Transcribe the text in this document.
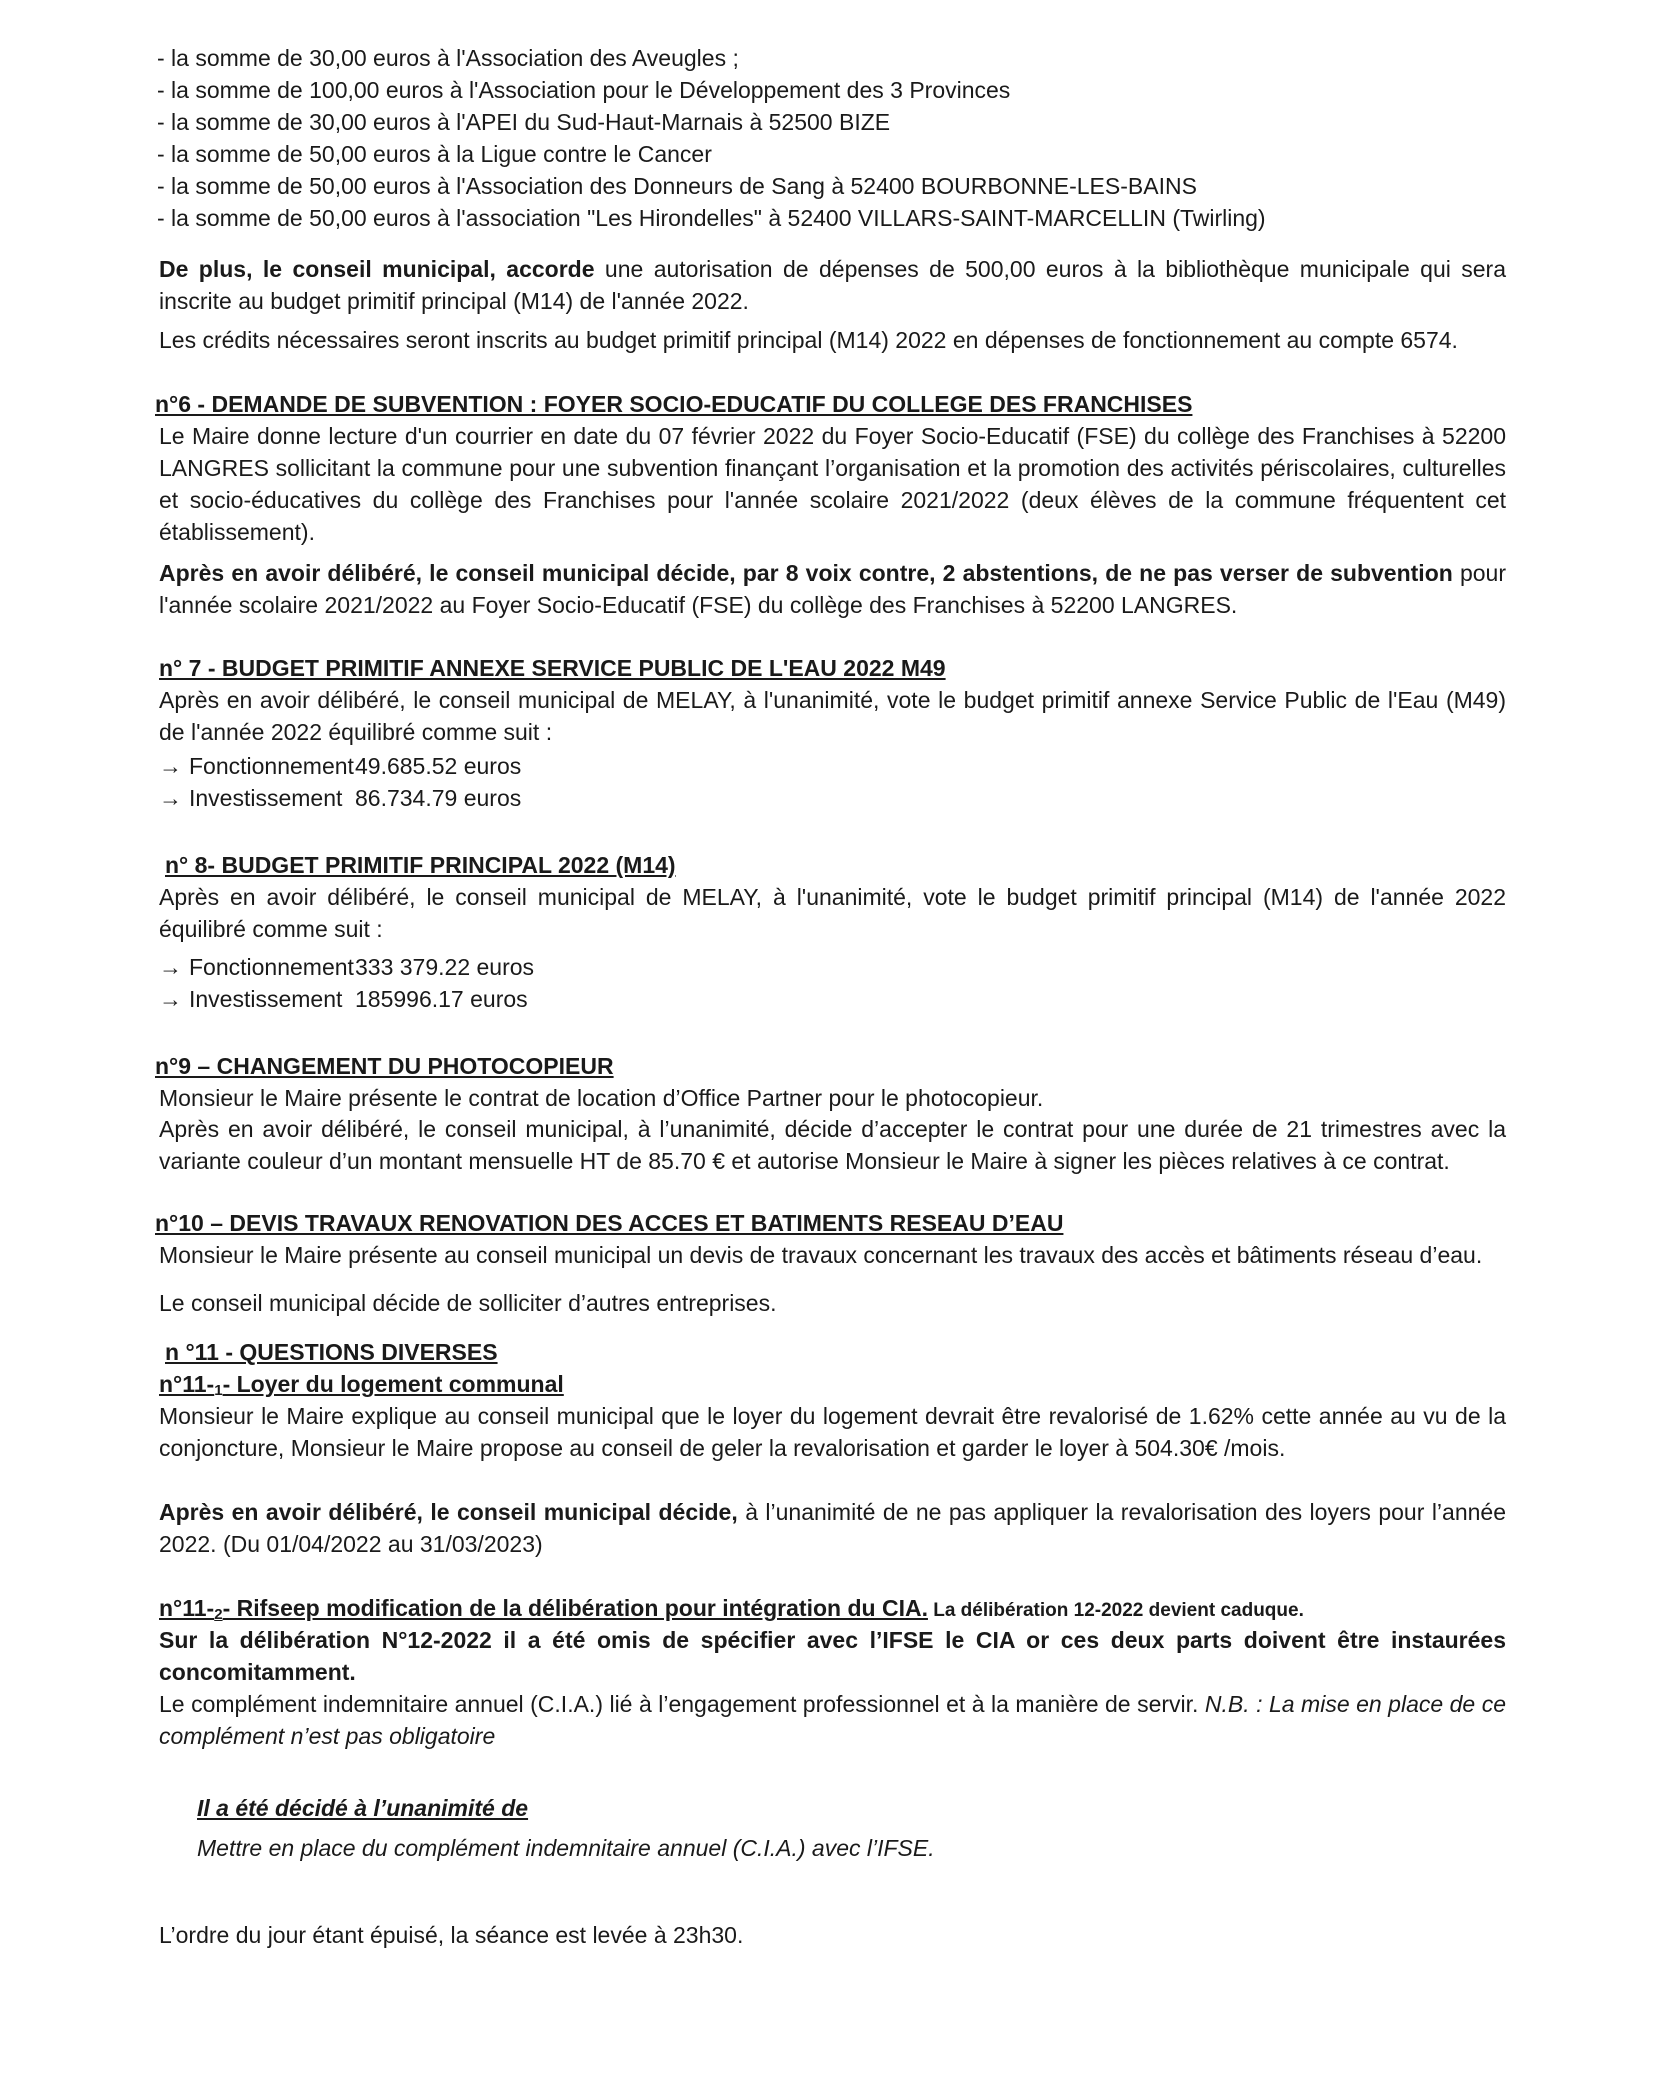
- la somme de 30,00 euros à l'Association des Aveugles ;
- la somme de 100,00 euros à l'Association pour le Développement des 3 Provinces
- la somme de 30,00 euros à l'APEI du Sud-Haut-Marnais à 52500 BIZE
- la somme de 50,00 euros à la Ligue contre le Cancer
- la somme de 50,00 euros à l'Association des Donneurs de Sang à 52400 BOURBONNE-LES-BAINS
- la somme de 50,00 euros à l'association "Les Hirondelles" à 52400 VILLARS-SAINT-MARCELLIN (Twirling)

De plus, le conseil municipal, accorde une autorisation de dépenses de 500,00 euros à la bibliothèque municipale qui sera inscrite au budget primitif principal (M14) de l'année 2022.

Les crédits nécessaires seront inscrits au budget primitif principal (M14) 2022 en dépenses de fonctionnement au compte 6574.

n°6 - DEMANDE DE SUBVENTION : FOYER SOCIO-EDUCATIF DU COLLEGE DES FRANCHISES

Le Maire donne lecture d'un courrier en date du 07 février 2022 du Foyer Socio-Educatif (FSE) du collège des Franchises à 52200 LANGRES sollicitant la commune pour une subvention finançant l’organisation et la promotion des activités périscolaires, culturelles et socio-éducatives du collège des Franchises pour l'année scolaire 2021/2022 (deux élèves de la commune fréquentent cet établissement).

Après en avoir délibéré, le conseil municipal décide, par 8 voix contre, 2 abstentions, de ne pas verser de subvention pour l'année scolaire 2021/2022 au Foyer Socio-Educatif (FSE) du collège des Franchises à 52200 LANGRES.

n° 7 - BUDGET PRIMITIF ANNEXE SERVICE PUBLIC DE L'EAU 2022 M49

Après en avoir délibéré, le conseil municipal de MELAY, à l'unanimité, vote le budget primitif annexe Service Public de l'Eau (M49) de l'année 2022 équilibré comme suit :

→ Fonctionnement49.685.52 euros

→ Investissement 86.734.79 euros

n° 8- BUDGET PRIMITIF PRINCIPAL 2022 (M14)

Après en avoir délibéré, le conseil municipal de MELAY, à l'unanimité, vote le budget primitif principal (M14) de l'année 2022 équilibré comme suit :

→ Fonctionnement333 379.22 euros

→ Investissement 185996.17 euros

n°9 – CHANGEMENT DU PHOTOCOPIEUR

Monsieur le Maire présente le contrat de location d’Office Partner pour le photocopieur.

Après en avoir délibéré, le conseil municipal, à l’unanimité, décide d’accepter le contrat pour une durée de 21 trimestres avec la variante couleur d’un montant mensuelle HT de 85.70 € et autorise Monsieur le Maire à signer les pièces relatives à ce contrat.

n°10 – DEVIS TRAVAUX RENOVATION DES ACCES ET BATIMENTS RESEAU D’EAU

Monsieur le Maire présente au conseil municipal un devis de travaux concernant les travaux des accès et bâtiments réseau d’eau.

Le conseil municipal décide de solliciter d’autres entreprises.

n °11 - QUESTIONS DIVERSES

$n^\circ 11-_1-$ Loyer du logement communal

Monsieur le Maire explique au conseil municipal que le loyer du logement devrait être revalorisé de 1.62% cette année au vu de la conjoncture, Monsieur le Maire propose au conseil de geler la revalorisation et garder le loyer à 504.30€ /mois.

Après en avoir délibéré, le conseil municipal décide, à l’unanimité de ne pas appliquer la revalorisation des loyers pour l’année 2022. (Du 01/04/2022 au 31/03/2023)

$n^\circ 11-_2-$ Rifseep modification de la délibération pour intégration du CIA. La délibération 12-2022 devient caduque.

Sur la délibération N°12-2022 il a été omis de spécifier avec l’IFSE le CIA or ces deux parts doivent être instaurées concomitamment.

Le complément indemnitaire annuel (C.I.A.) lié à l’engagement professionnel et à la manière de servir. N.B. : La mise en place de ce complément n’est pas obligatoire

Il a été décidé à l’unanimité de

Mettre en place du complément indemnitaire annuel (C.I.A.) avec l’IFSE.

L’ordre du jour étant épuisé, la séance est levée à 23h30.
